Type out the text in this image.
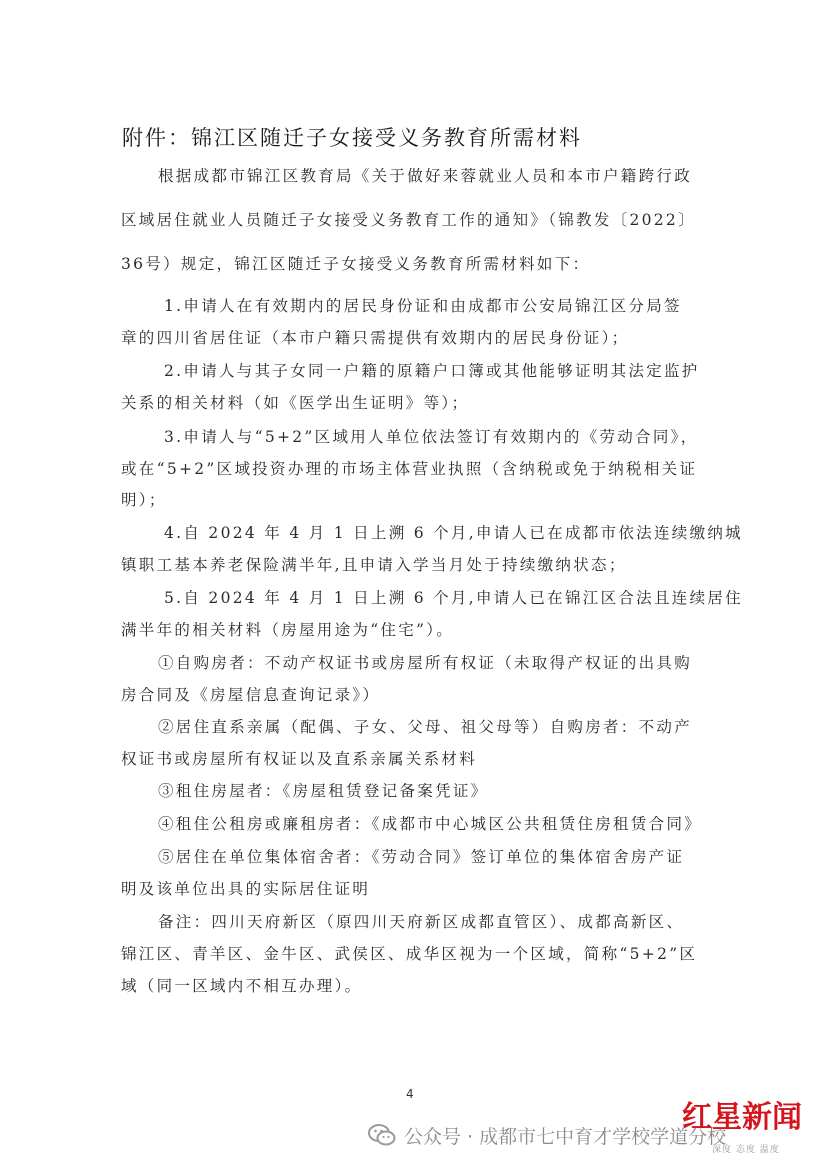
附件：锦江区随迁子女接受义务教育所需材料
根据成都市锦江区教育局《关于做好来蓉就业人员和本市户籍跨行政
区域居住就业人员随迁子女接受义务教育工作的通知》（锦教发〔2022〕
36号）规定，锦江区随迁子女接受义务教育所需材料如下：
1.申请人在有效期内的居民身份证和由成都市公安局锦江区分局签
章的四川省居住证（本市户籍只需提供有效期内的居民身份证）；
2.申请人与其子女同一户籍的原籍户口簿或其他能够证明其法定监护
关系的相关材料（如《医学出生证明》等）；
3.申请人与“5+2”区域用人单位依法签订有效期内的《劳动合同》，
或在“5+2”区域投资办理的市场主体营业执照（含纳税或免于纳税相关证
明）；
4.自 2024 年 4 月 1 日上溯 6 个月,申请人已在成都市依法连续缴纳城
镇职工基本养老保险满半年,且申请入学当月处于持续缴纳状态；
5.自 2024 年 4 月 1 日上溯 6 个月,申请人已在锦江区合法且连续居住
满半年的相关材料（房屋用途为“住宅”）。
①自购房者：不动产权证书或房屋所有权证（未取得产权证的出具购
房合同及《房屋信息查询记录》）
②居住直系亲属（配偶、子女、父母、祖父母等）自购房者：不动产
权证书或房屋所有权证以及直系亲属关系材料
③租住房屋者：《房屋租赁登记备案凭证》
④租住公租房或廉租房者：《成都市中心城区公共租赁住房租赁合同》
⑤居住在单位集体宿舍者：《劳动合同》签订单位的集体宿舍房产证
明及该单位出具的实际居住证明
备注：四川天府新区（原四川天府新区成都直管区）、成都高新区、
锦江区、青羊区、金牛区、武侯区、成华区视为一个区域，简称“5+2”区
域（同一区域内不相互办理）。
4
公众号 · 成都市七中育才学校学道分校
红星新闻
深度 态度 温度
